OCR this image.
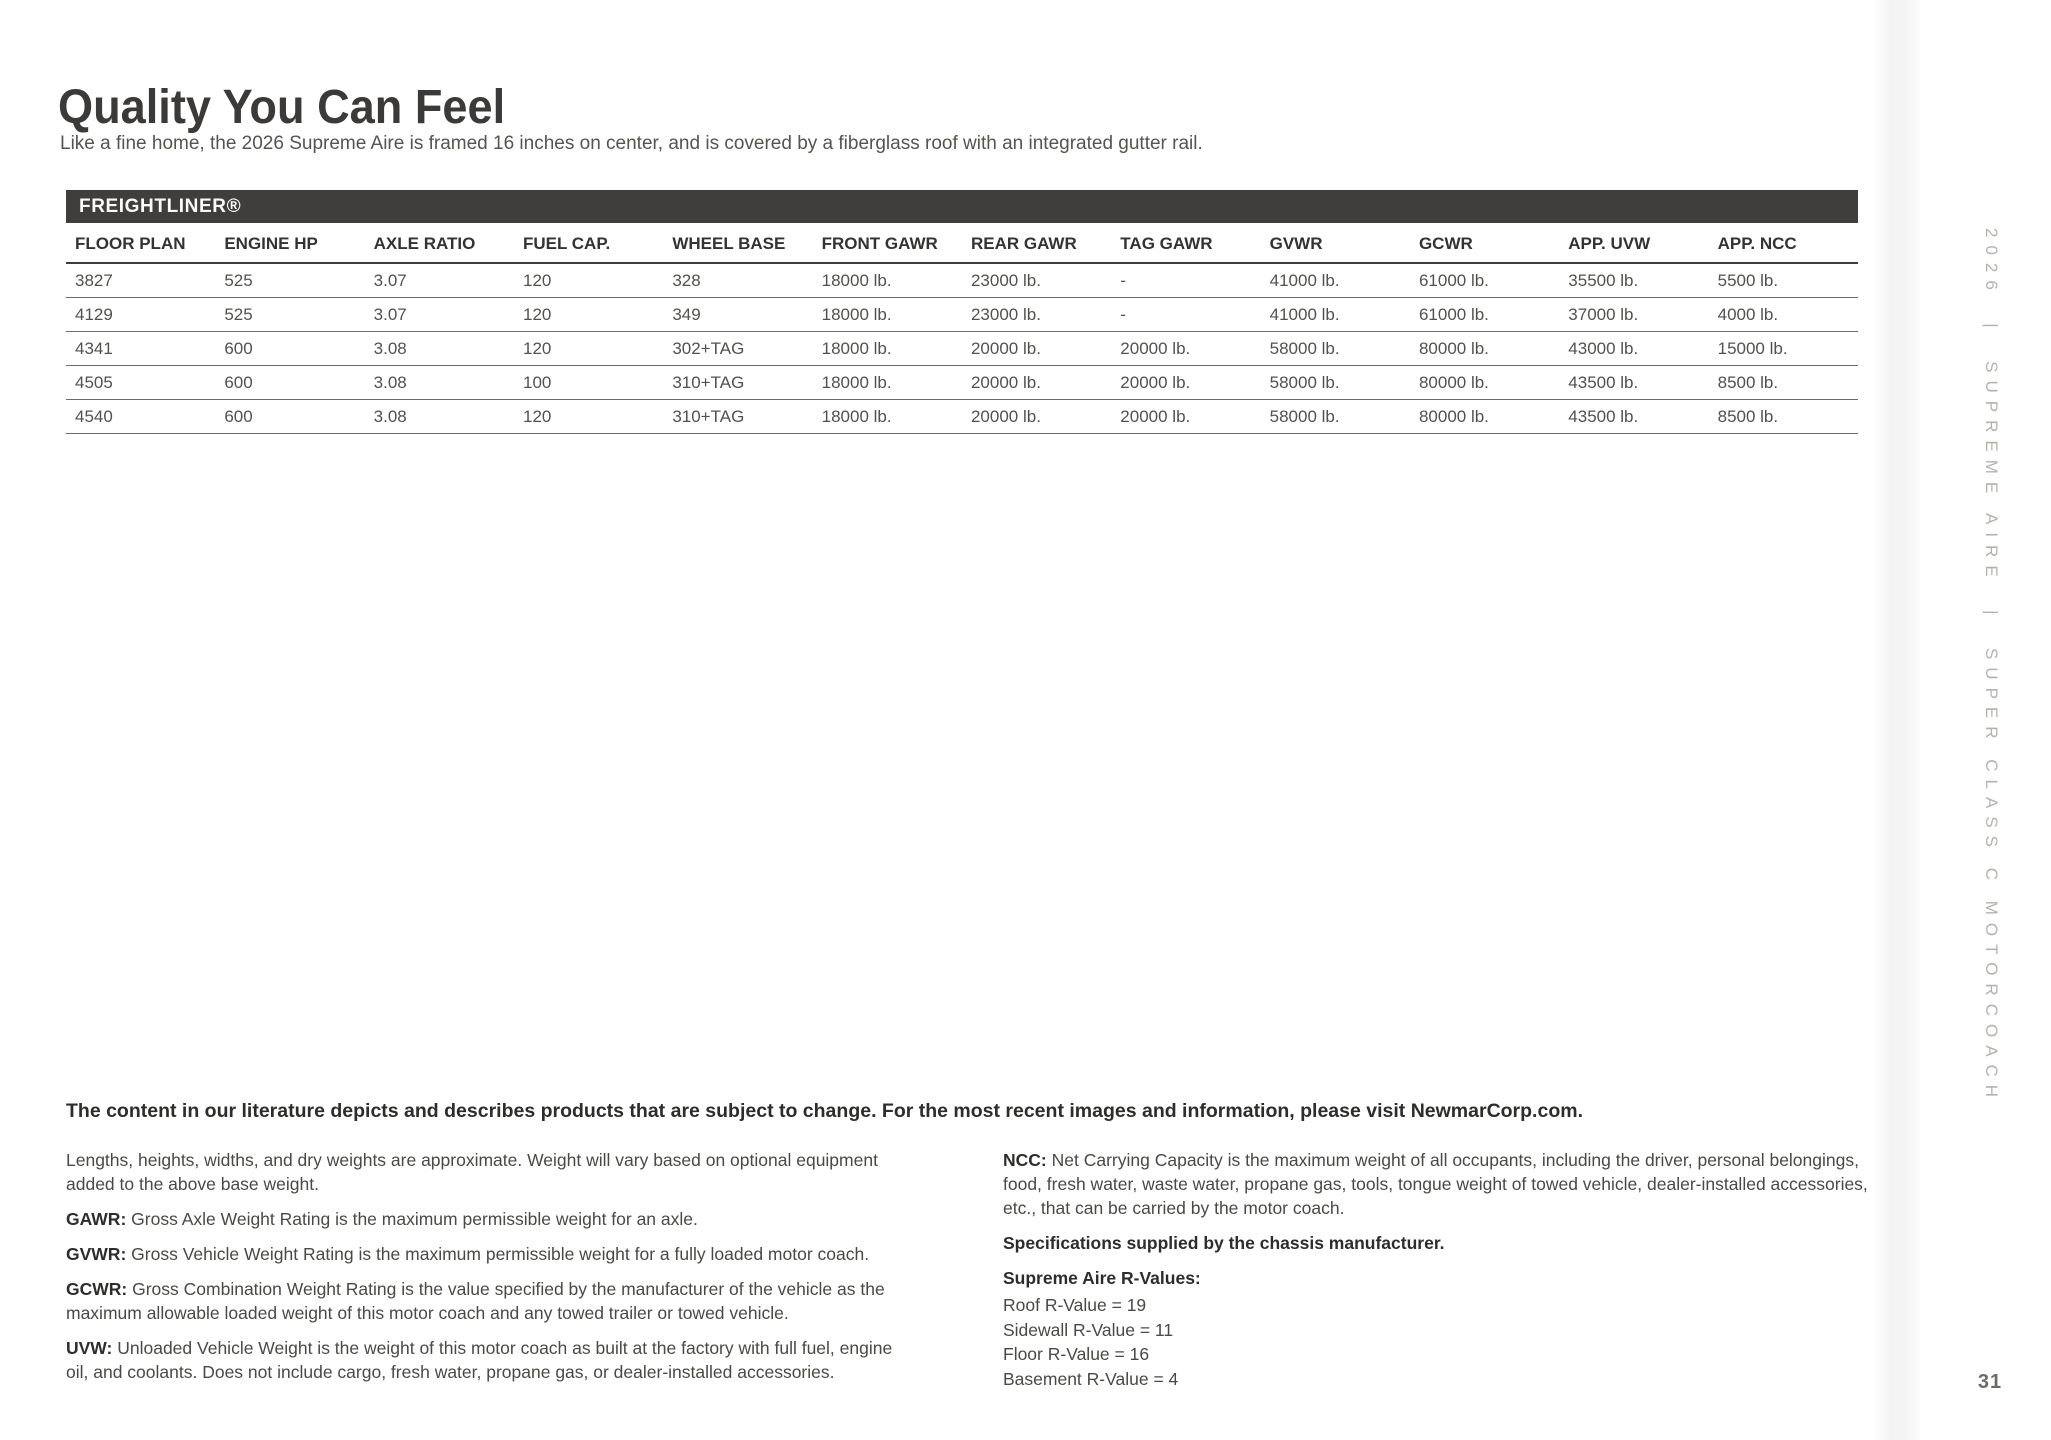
Quality You Can Feel
Like a fine home, the 2026 Supreme Aire is framed 16 inches on center, and is covered by a fiberglass roof with an integrated gutter rail.
FREIGHTLINER®
FLOOR PLAN	ENGINE HP	AXLE RATIO	FUEL CAP.	WHEEL BASE	FRONT GAWR	REAR GAWR	TAG GAWR	GVWR	GCWR	APP. UVW	APP. NCC
3827	525	3.07	120	328	18000 lb.	23000 lb.	-	41000 lb.	61000 lb.	35500 lb.	5500 lb.
4129	525	3.07	120	349	18000 lb.	23000 lb.	-	41000 lb.	61000 lb.	37000 lb.	4000 lb.
4341	600	3.08	120	302+TAG	18000 lb.	20000 lb.	20000 lb.	58000 lb.	80000 lb.	43000 lb.	15000 lb.
4505	600	3.08	100	310+TAG	18000 lb.	20000 lb.	20000 lb.	58000 lb.	80000 lb.	43500 lb.	8500 lb.
4540	600	3.08	120	310+TAG	18000 lb.	20000 lb.	20000 lb.	58000 lb.	80000 lb.	43500 lb.	8500 lb.
The content in our literature depicts and describes products that are subject to change. For the most recent images and information, please visit NewmarCorp.com.

Lengths, heights, widths, and dry weights are approximate. Weight will vary based on optional equipment added to the above base weight.

GAWR: Gross Axle Weight Rating is the maximum permissible weight for an axle.

GVWR: Gross Vehicle Weight Rating is the maximum permissible weight for a fully loaded motor coach.

GCWR: Gross Combination Weight Rating is the value specified by the manufacturer of the vehicle as the maximum allowable loaded weight of this motor coach and any towed trailer or towed vehicle.

UVW: Unloaded Vehicle Weight is the weight of this motor coach as built at the factory with full fuel, engine oil, and coolants. Does not include cargo, fresh water, propane gas, or dealer-installed accessories.

NCC: Net Carrying Capacity is the maximum weight of all occupants, including the driver, personal belongings, food, fresh water, waste water, propane gas, tools, tongue weight of towed vehicle, dealer-installed accessories, etc., that can be carried by the motor coach.

Specifications supplied by the chassis manufacturer.

Supreme Aire R-Values:
Roof R-Value = 19
Sidewall R-Value = 11
Floor R-Value = 16
Basement R-Value = 4
2026  |  SUPREME AIRE  |  SUPER CLASS C MOTORCOACH
31
